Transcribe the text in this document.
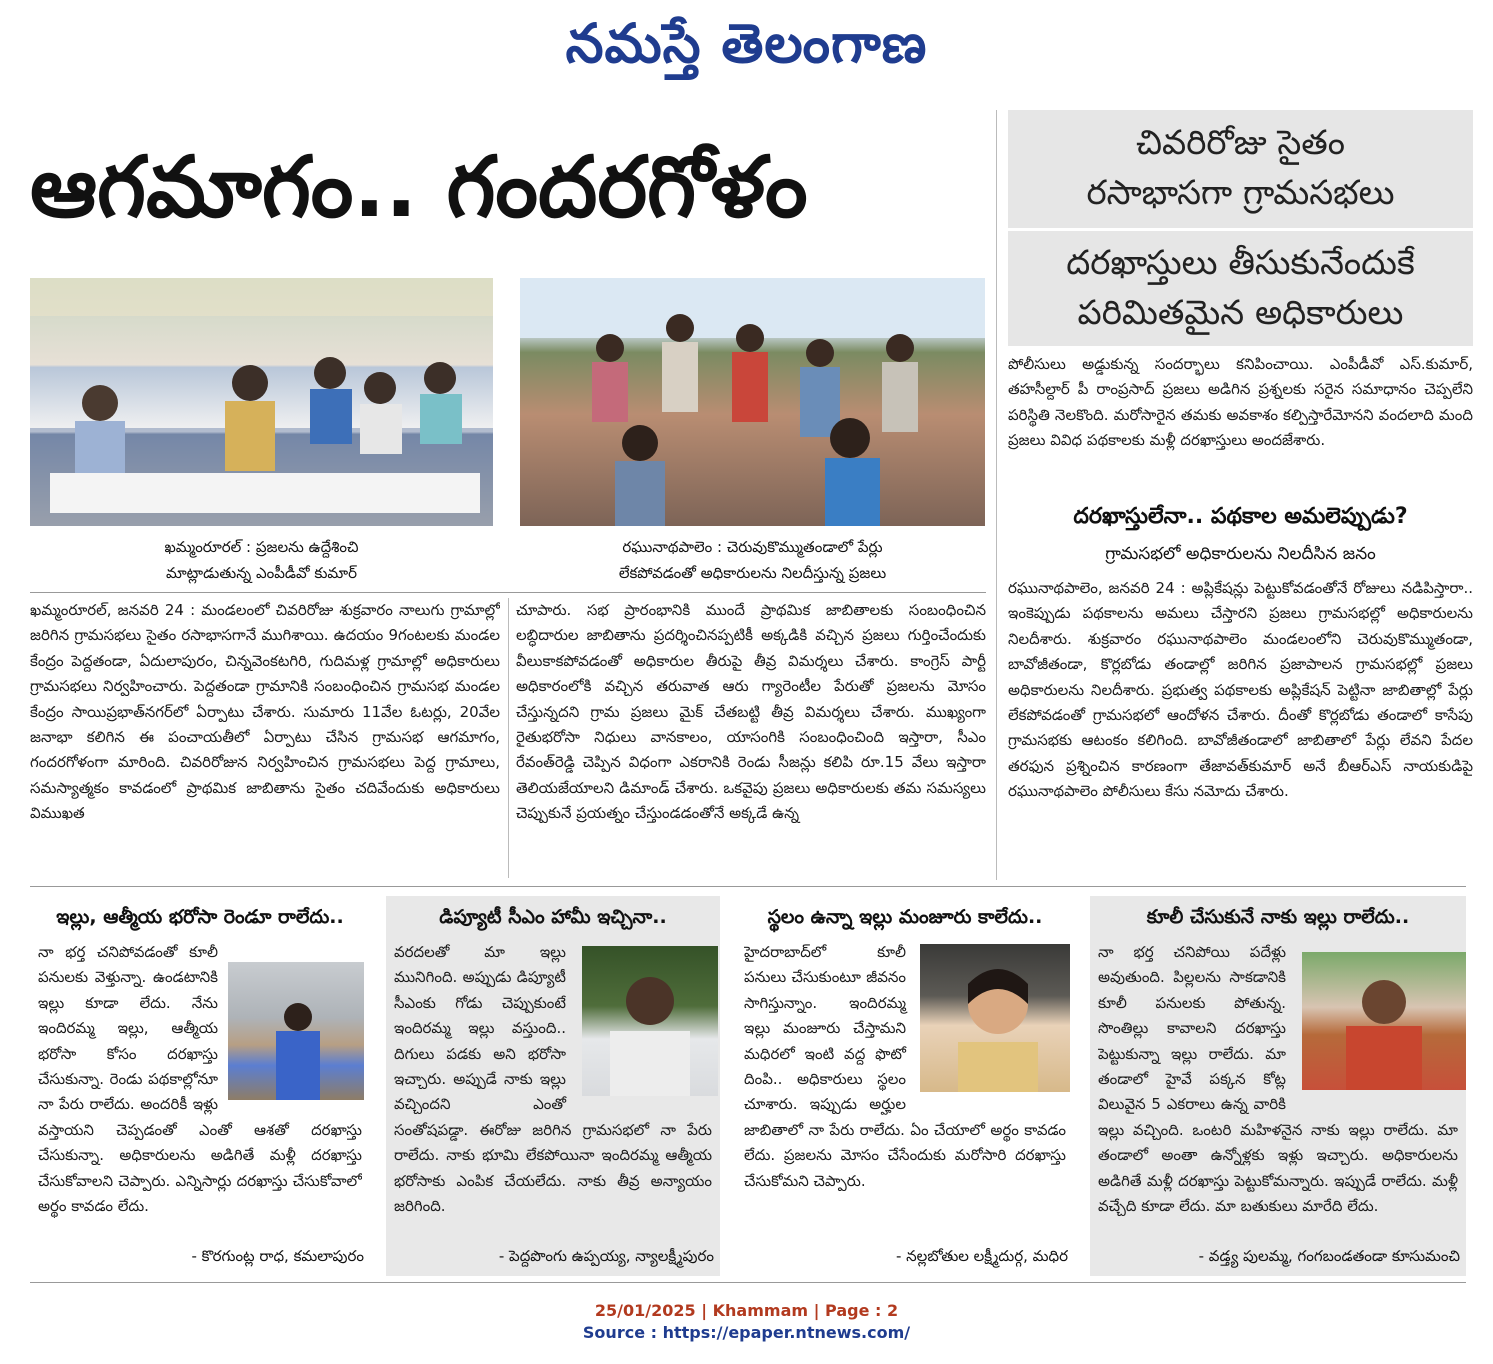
నమస్తే తెలంగాణ
ఆగమాగం.. గందరగోళం	చివరిరోజు సైతం
రసాభాసగా గ్రామసభలు
దరఖాస్తులు తీసుకునేందుకే
పరిమితమైన అధికారులు
ఖమ్మంరూరల్ : ప్రజలను ఉద్దేశించి
మాట్లాడుతున్న ఎంపీడీవో కుమార్
రఘునాథపాలెం : చెరువుకొమ్ముతండాలో పేర్లు
లేకపోవడంతో అధికారులను నిలదీస్తున్న ప్రజలు
ఖమ్మంరూరల్, జనవరి 24 : మండలంలో చివరిరోజు శుక్రవారం నాలుగు గ్రామాల్లో జరిగిన గ్రామసభలు సైతం రసాభాసగానే ముగిశాయి. ఉదయం 9గంటలకు మండల కేంద్రం పెద్దతండా, ఏదులాపురం, చిన్నవెంకటగిరి, గుదిమళ్ల గ్రామాల్లో అధికారులు గ్రామసభలు నిర్వహించారు. పెద్దతండా గ్రామానికి సంబంధించిన గ్రామసభ మండల కేంద్రం సాయిప్రభాత్‌నగర్‌లో ఏర్పాటు చేశారు. సుమారు 11వేల ఓటర్లు, 20వేల జనాభా కలిగిన ఈ పంచాయతీలో ఏర్పాటు చేసిన గ్రామసభ ఆగమాగం, గందరగోళంగా మారింది. చివరిరోజున నిర్వహించిన గ్రామసభలు పెద్ద గ్రామాలు, సమస్యాత్మకం కావడంలో ప్రాథమిక జాబితాను సైతం చదివేందుకు అధికారులు విముఖత
చూపారు. సభ ప్రారంభానికి ముందే ప్రాథమిక జాబితాలకు సంబంధించిన లబ్ధిదారుల జాబితాను ప్రదర్శించినప్పటికీ అక్కడికి వచ్చిన ప్రజలు గుర్తించేందుకు వీలుకాకపోవడంతో అధికారుల తీరుపై తీవ్ర విమర్శలు చేశారు. కాంగ్రెస్ పార్టీ అధికారంలోకి వచ్చిన తరువాత ఆరు గ్యారెంటీల పేరుతో ప్రజలను మోసం చేస్తున్నదని గ్రామ ప్రజలు మైక్ చేతబట్టి తీవ్ర విమర్శలు చేశారు. ముఖ్యంగా రైతుభరోసా నిధులు వానకాలం, యాసంగికి సంబంధించింది ఇస్తారా, సీఎం రేవంత్‌రెడ్డి చెప్పిన విధంగా ఎకరానికి రెండు సీజన్లు కలిపి రూ.15 వేలు ఇస్తారా తెలియజేయాలని డిమాండ్ చేశారు. ఒకవైపు ప్రజలు అధికారులకు తమ సమస్యలు చెప్పుకునే ప్రయత్నం చేస్తుండడంతోనే అక్కడే ఉన్న
పోలీసులు అడ్డుకున్న సందర్భాలు కనిపించాయి. ఎంపీడీవో ఎస్.కుమార్, తహసీల్దార్ పీ రాంప్రసాద్ ప్రజలు అడిగిన ప్రశ్నలకు సరైన సమాధానం చెప్పలేని పరిస్థితి నెలకొంది. మరోసారైన తమకు అవకాశం కల్పిస్తారేమోనని వందలాది మంది ప్రజలు వివిధ పథకాలకు మళ్లీ దరఖాస్తులు అందజేశారు.
దరఖాస్తులేనా.. పథకాల అమలెప్పుడు?
గ్రామసభలో అధికారులను నిలదీసిన జనం
రఘునాథపాలెం, జనవరి 24 : అప్లికేషన్లు పెట్టుకోవడంతోనే రోజులు నడిపిస్తారా.. ఇంకెప్పుడు పథకాలను అమలు చేస్తారని ప్రజలు గ్రామసభల్లో అధికారులను నిలదీశారు. శుక్రవారం రఘునాథపాలెం మండలంలోని చెరువుకొమ్ముతండా, బావోజీతండా, కొర్లబోడు తండాల్లో జరిగిన ప్రజాపాలన గ్రామసభల్లో ప్రజలు అధికారులను నిలదీశారు. ప్రభుత్వ పథకాలకు అప్లికేషన్ పెట్టినా జాబితాల్లో పేర్లు లేకపోవడంతో గ్రామసభలో ఆందోళన చేశారు. దీంతో కొర్లబోడు తండాలో కాసేపు గ్రామసభకు ఆటంకం కలిగింది. బావోజీతండాలో జాబితాలో పేర్లు లేవని పేదల తరఫున ప్రశ్నించిన కారణంగా తేజావత్‌కుమార్ అనే బీఆర్‌ఎస్ నాయకుడిపై రఘునాథపాలెం పోలీసులు కేసు నమోదు చేశారు.
ఇల్లు, ఆత్మీయ భరోసా రెండూ రాలేదు..
నా భర్త చనిపోవడంతో కూలీ పనులకు వెళ్తున్నా. ఉండటానికి ఇల్లు కూడా లేదు. నేను ఇందిరమ్మ ఇల్లు, ఆత్మీయ భరోసా కోసం దరఖాస్తు చేసుకున్నా. రెండు పథకాల్లోనూ నా పేరు రాలేదు. అందరికీ ఇళ్లు వస్తాయని చెప్పడంతో ఎంతో ఆశతో దరఖాస్తు చేసుకున్నా. అధికారులను అడిగితే మళ్లీ దరఖాస్తు చేసుకోవాలని చెప్పారు. ఎన్నిసార్లు దరఖాస్తు చేసుకోవాలో అర్థం కావడం లేదు.
- కొరగుంట్ల రాధ, కమలాపురం
డిప్యూటీ సీఎం హామీ ఇచ్చినా..
వరదలతో మా ఇల్లు మునిగింది. అప్పుడు డిప్యూటీ సీఎంకు గోడు చెప్పుకుంటే ఇందిరమ్మ ఇల్లు వస్తుంది.. దిగులు పడకు అని భరోసా ఇచ్చారు. అప్పుడే నాకు ఇల్లు వచ్చిందని ఎంతో సంతోషపడ్డా. ఈరోజు జరిగిన గ్రామసభలో నా పేరు రాలేదు. నాకు భూమి లేకపోయినా ఇందిరమ్మ ఆత్మీయ భరోసాకు ఎంపిక చేయలేదు. నాకు తీవ్ర అన్యాయం జరిగింది.
- పెద్దపొంగు ఉప్పయ్య, న్యాలక్ష్మీపురం
స్థలం ఉన్నా ఇల్లు మంజూరు కాలేదు..
హైదరాబాద్‌లో కూలీ పనులు చేసుకుంటూ జీవనం సాగిస్తున్నాం. ఇందిరమ్మ ఇల్లు మంజూరు చేస్తామని మధిరలో ఇంటి వద్ద ఫొటో దింపి.. అధికారులు స్థలం చూశారు. ఇప్పుడు అర్హుల జాబితాలో నా పేరు రాలేదు. ఏం చేయాలో అర్థం కావడం లేదు. ప్రజలను మోసం చేసేందుకు మరోసారి దరఖాస్తు చేసుకోమని చెప్పారు.
- నల్లబోతుల లక్ష్మీదుర్గ, మధిర
కూలీ చేసుకునే నాకు ఇల్లు రాలేదు..
నా భర్త చనిపోయి పదేళ్లు అవుతుంది. పిల్లలను సాకడానికి కూలీ పనులకు పోతున్న. సొంతిల్లు కావాలని దరఖాస్తు పెట్టుకున్నా ఇల్లు రాలేదు. మా తండాలో హైవే పక్కన కోట్ల విలువైన 5 ఎకరాలు ఉన్న వారికి ఇల్లు వచ్చింది. ఒంటరి మహిళనైన నాకు ఇల్లు రాలేదు. మా తండాలో అంతా ఉన్నోళ్లకు ఇళ్లు ఇచ్చారు. అధికారులను అడిగితే మళ్లీ దరఖాస్తు పెట్టుకోమన్నారు. ఇప్పుడే రాలేదు. మళ్లీ వచ్చేది కూడా లేదు. మా బతుకులు మారేది లేదు.
- వడ్త్య పులమ్మ, గంగబండతండా కూసుమంచి
25/01/2025 | Khammam | Page : 2
Source : https://epaper.ntnews.com/
